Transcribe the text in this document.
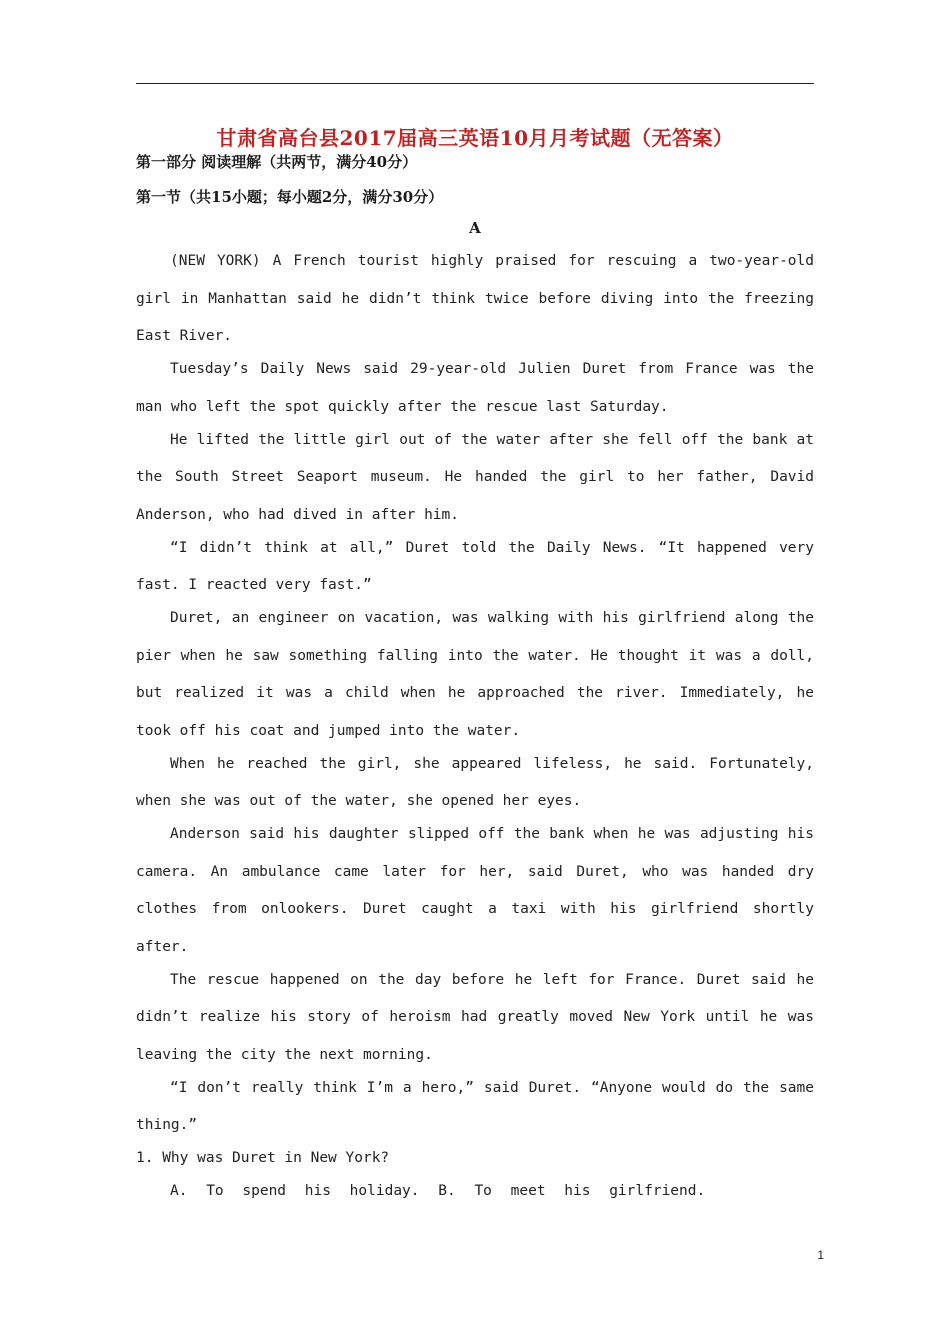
甘肃省高台县2017届高三英语10月月考试题（无答案）
第一部分 阅读理解（共两节，满分40分）
第一节（共15小题；每小题2分，满分30分）
A

(NEW YORK) A French tourist highly praised for rescuing a two-year-old girl in Manhattan said he didn’t think twice before diving into the freezing East River.

Tuesday’s Daily News said 29-year-old Julien Duret from France was the man who left the spot quickly after the rescue last Saturday.

He lifted the little girl out of the water after she fell off the bank at the South Street Seaport museum. He handed the girl to her father, David Anderson, who had dived in after him.

“I didn’t think at all,” Duret told the Daily News. “It happened very fast. I reacted very fast.”

Duret, an engineer on vacation, was walking with his girlfriend along the pier when he saw something falling into the water. He thought it was a doll, but realized it was a child when he approached the river. Immediately, he took off his coat and jumped into the water.

When he reached the girl, she appeared lifeless, he said. Fortunately, when she was out of the water, she opened her eyes.

Anderson said his daughter slipped off the bank when he was adjusting his camera. An ambulance came later for her, said Duret, who was handed dry clothes from onlookers. Duret caught a taxi with his girlfriend shortly after.

The rescue happened on the day before he left for France. Duret said he didn’t realize his story of heroism had greatly moved New York until he was leaving the city the next morning.

“I don’t really think I’m a hero,” said Duret. “Anyone would do the same thing.”

1. Why was Duret in New York?
A. To spend his holiday. B. To meet his girlfriend.
1
